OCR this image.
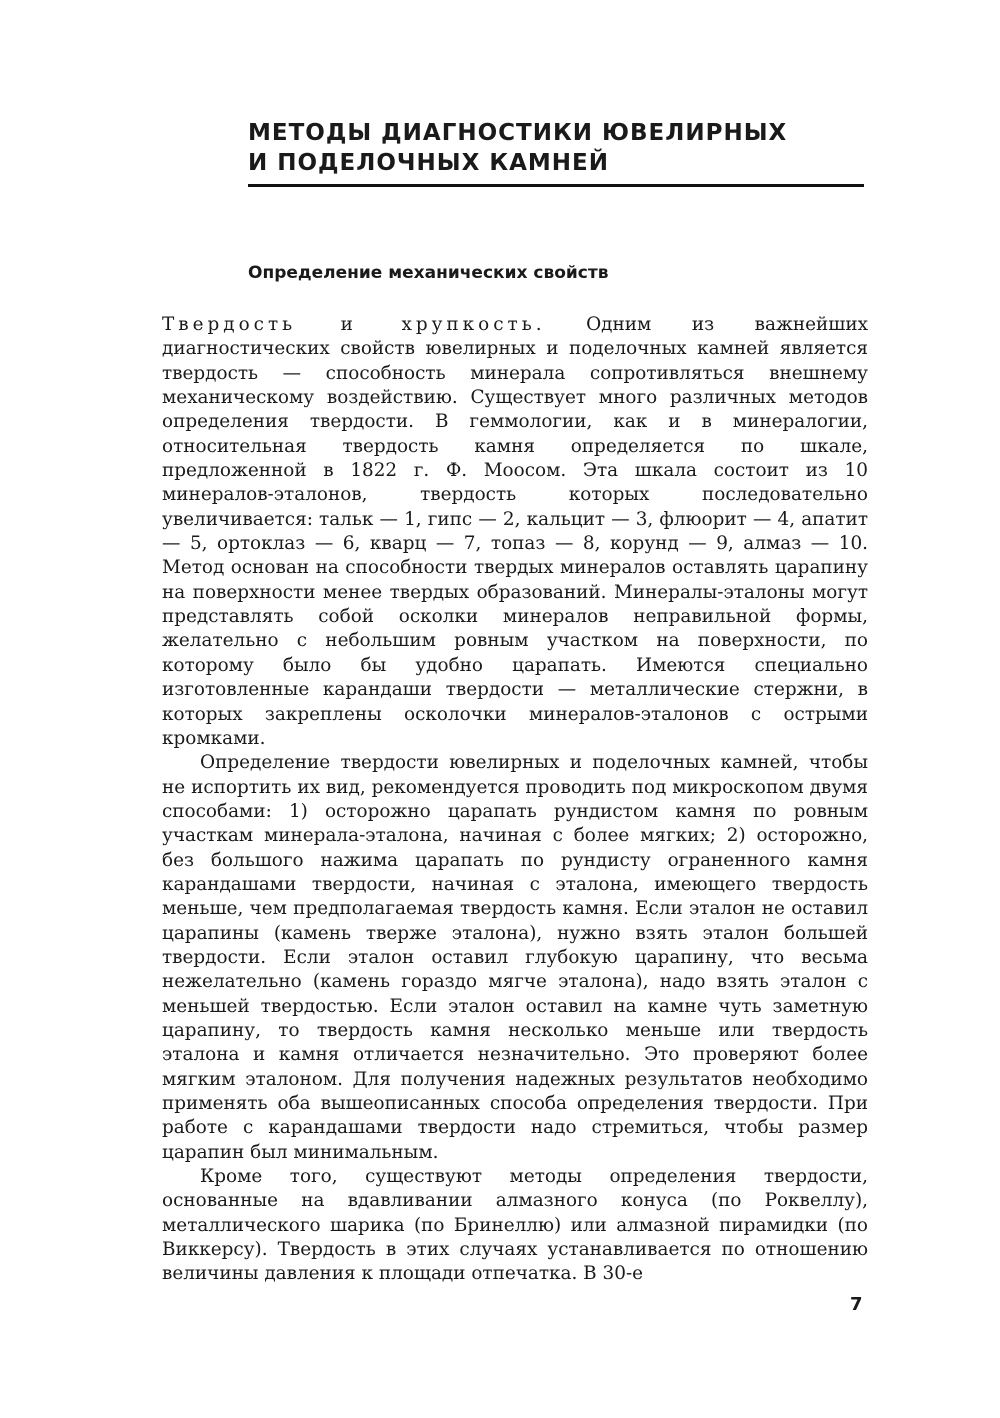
МЕТОДЫ ДИАГНОСТИКИ ЮВЕЛИРНЫХ
И ПОДЕЛОЧНЫХ КАМНЕЙ
Определение механических свойств

Твердость и хрупкость. Одним из важнейших диагностических свойств ювелирных и поделочных камней является твердость — способность минерала сопротивляться внешнему механическому воздействию. Существует много различных методов определения твердости. В геммологии, как и в минералогии, относительная твердость камня определяется по шкале, предложенной в 1822 г. Ф. Моосом. Эта шкала состоит из 10 минералов-эталонов, твердость которых последовательно увеличивается: тальк — 1, гипс — 2, кальцит — 3, флюорит — 4, апатит — 5, ортоклаз — 6, кварц — 7, топаз — 8, корунд — 9, алмаз — 10. Метод основан на способности твердых минералов оставлять царапину на поверхности менее твердых образований. Минералы-эталоны могут представлять собой осколки минералов неправильной формы, желательно с небольшим ровным участком на поверхности, по которому было бы удобно царапать. Имеются специально изготовленные карандаши твердости — металлические стержни, в которых закреплены осколочки минералов-эталонов с острыми кромками.

Определение твердости ювелирных и поделочных камней, чтобы не испортить их вид, рекомендуется проводить под микроскопом двумя способами: 1) осторожно царапать рундистом камня по ровным участкам минерала-эталона, начиная с более мягких; 2) осторожно, без большого нажима царапать по рундисту ограненного камня карандашами твердости, начиная с эталона, имеющего твердость меньше, чем предполагаемая твердость камня. Если эталон не оставил царапины (камень тверже эталона), нужно взять эталон большей твердости. Если эталон оставил глубокую царапину, что весьма нежелательно (камень гораздо мягче эталона), надо взять эталон с меньшей твердостью. Если эталон оставил на камне чуть заметную царапину, то твердость камня несколько меньше или твердость эталона и камня отличается незначительно. Это проверяют более мягким эталоном. Для получения надежных результатов необходимо применять оба вышеописанных способа определения твердости. При работе с карандашами твердости надо стремиться, чтобы размер царапин был минимальным.

Кроме того, существуют методы определения твердости, основанные на вдавливании алмазного конуса (по Роквеллу), металлического шарика (по Бринеллю) или алмазной пирамидки (по Виккерсу). Твердость в этих случаях устанавливается по отношению величины давления к площади отпечатка. В 30-е

7
